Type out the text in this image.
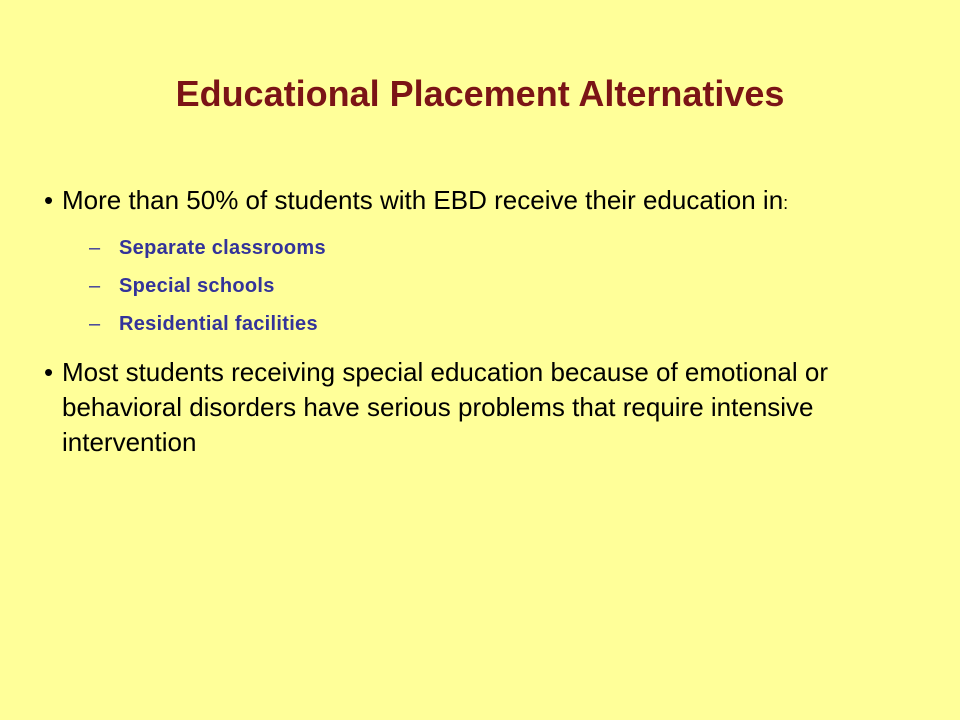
Educational Placement Alternatives
• More than 50% of students with EBD receive their education in:
– Separate classrooms
– Special schools
– Residential facilities
• Most students receiving special education because of emotional or behavioral disorders have serious problems that require intensive intervention
